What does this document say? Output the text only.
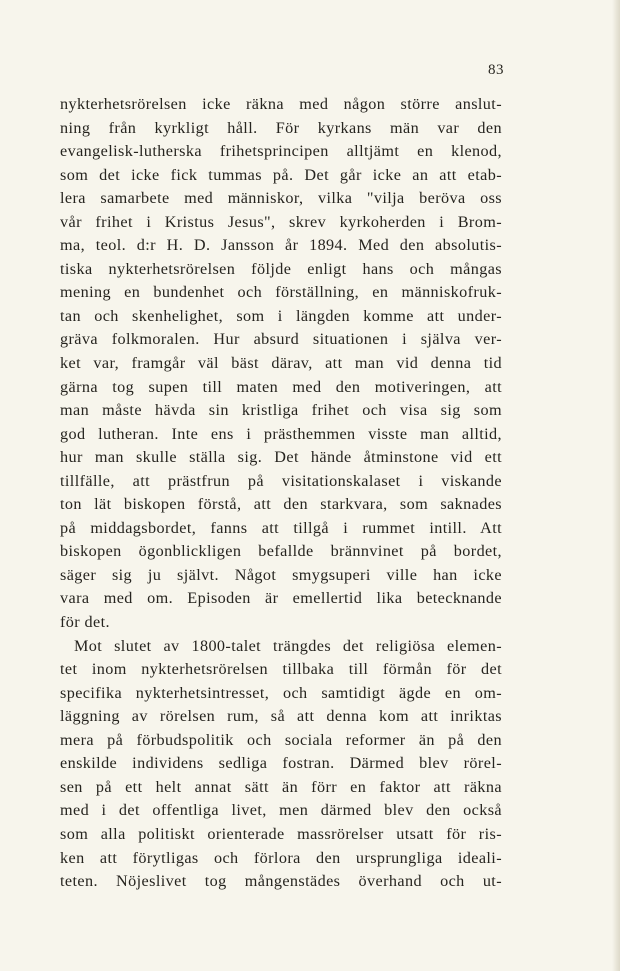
83
nykterhetsrörelsen icke räkna med någon större anslut-
ning från kyrkligt håll. För kyrkans män var den
evangelisk-lutherska frihetsprincipen alltjämt en klenod,
som det icke fick tummas på. Det går icke an att etab-
lera samarbete med människor, vilka "vilja beröva oss
vår frihet i Kristus Jesus", skrev kyrkoherden i Brom-
ma, teol. d:r H. D. Jansson år 1894. Med den absolutis-
tiska nykterhetsrörelsen följde enligt hans och mångas
mening en bundenhet och förställning, en människofruk-
tan och skenhelighet, som i längden komme att under-
gräva folkmoralen. Hur absurd situationen i själva ver-
ket var, framgår väl bäst därav, att man vid denna tid
gärna tog supen till maten med den motiveringen, att
man måste hävda sin kristliga frihet och visa sig som
god lutheran. Inte ens i prästhemmen visste man alltid,
hur man skulle ställa sig. Det hände åtminstone vid ett
tillfälle, att prästfrun på visitationskalaset i viskande
ton lät biskopen förstå, att den starkvara, som saknades
på middagsbordet, fanns att tillgå i rummet intill. Att
biskopen ögonblickligen befallde brännvinet på bordet,
säger sig ju självt. Något smygsuperi ville han icke
vara med om. Episoden är emellertid lika betecknande
för det.
Mot slutet av 1800-talet trängdes det religiösa elemen-
tet inom nykterhetsrörelsen tillbaka till förmån för det
specifika nykterhetsintresset, och samtidigt ägde en om-
läggning av rörelsen rum, så att denna kom att inriktas
mera på förbudspolitik och sociala reformer än på den
enskilde individens sedliga fostran. Därmed blev rörel-
sen på ett helt annat sätt än förr en faktor att räkna
med i det offentliga livet, men därmed blev den också
som alla politiskt orienterade massrörelser utsatt för ris-
ken att förytligas och förlora den ursprungliga ideali-
teten. Nöjeslivet tog mångenstädes överhand och ut-
